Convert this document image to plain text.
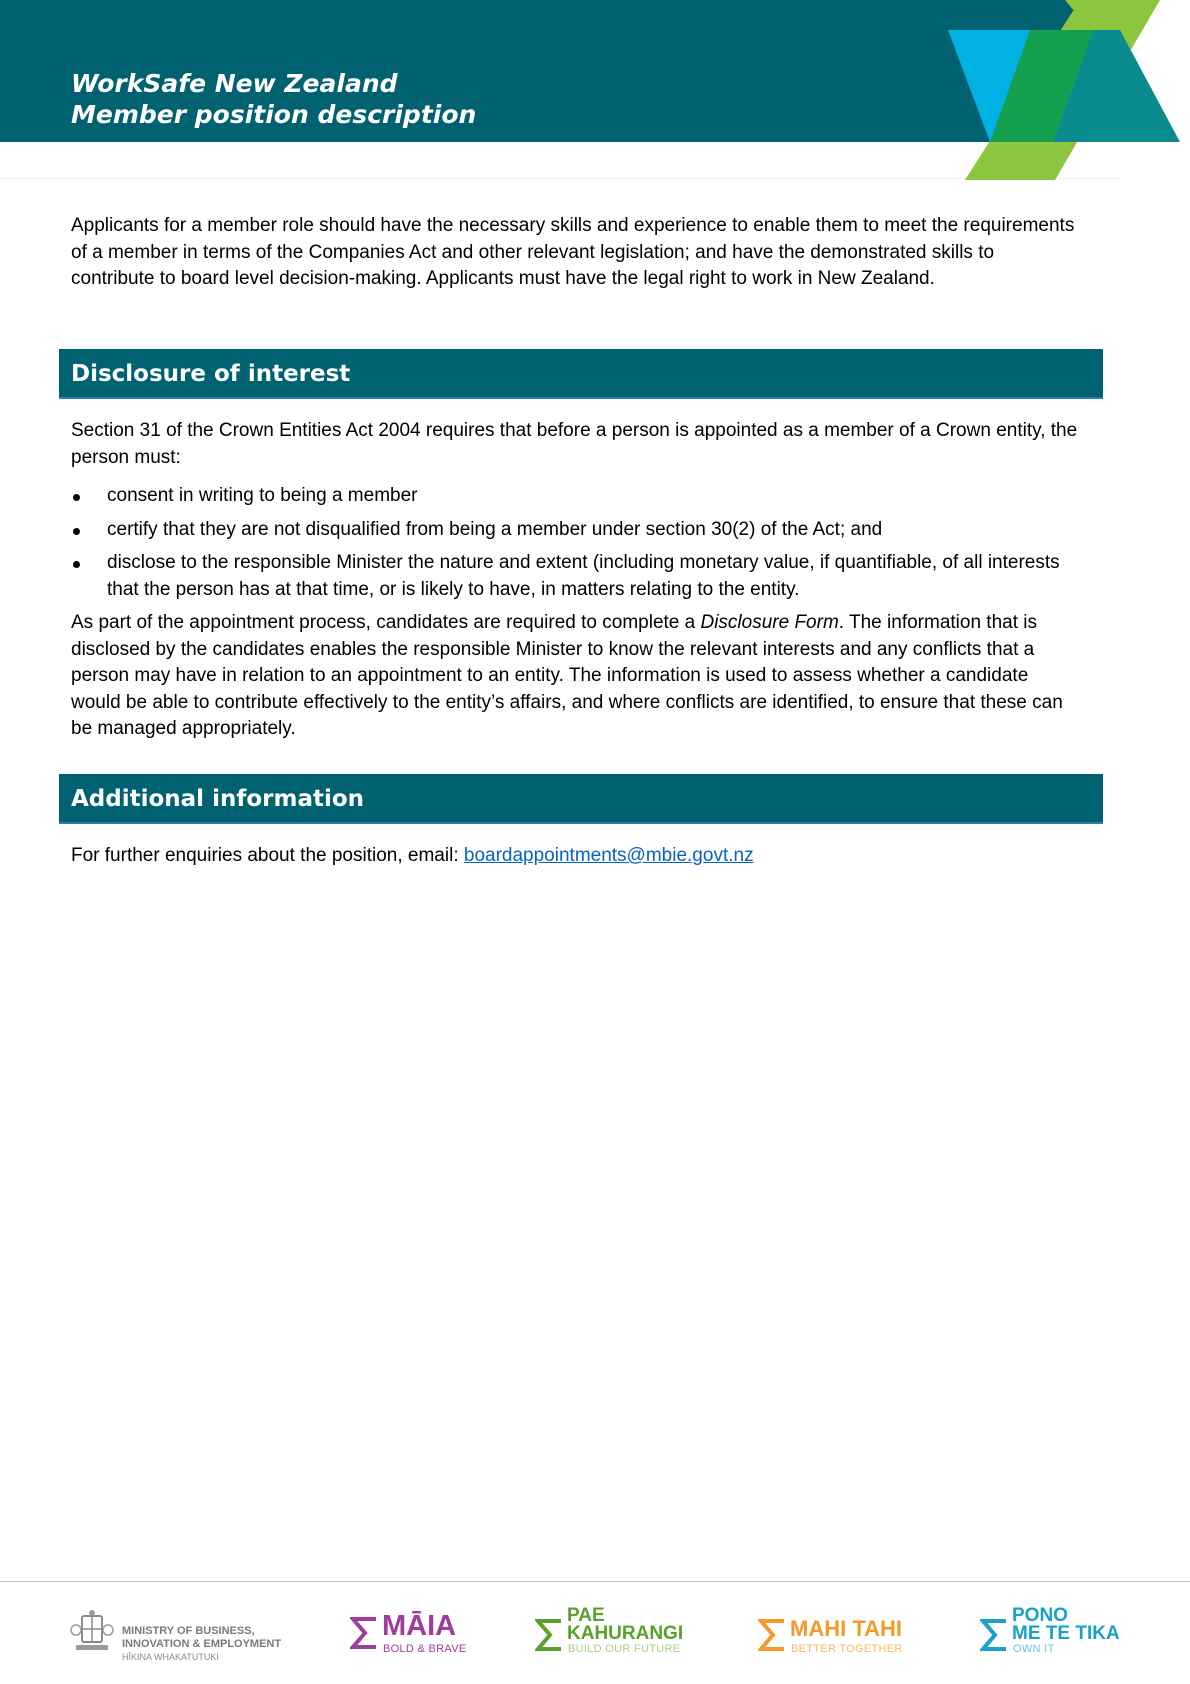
WorkSafe New Zealand
Member position description

Applicants for a member role should have the necessary skills and experience to enable them to meet the requirements of a member in terms of the Companies Act and other relevant legislation; and have the demonstrated skills to contribute to board level decision-making. Applicants must have the legal right to work in New Zealand.

Disclosure of interest

Section 31 of the Crown Entities Act 2004 requires that before a person is appointed as a member of a Crown entity, the person must:

consent in writing to being a member
certify that they are not disqualified from being a member under section 30(2) of the Act; and
disclose to the responsible Minister the nature and extent (including monetary value, if quantifiable, of all interests that the person has at that time, or is likely to have, in matters relating to the entity.

As part of the appointment process, candidates are required to complete a Disclosure Form. The information that is disclosed by the candidates enables the responsible Minister to know the relevant interests and any conflicts that a person may have in relation to an appointment to an entity. The information is used to assess whether a candidate would be able to contribute effectively to the entity’s affairs, and where conflicts are identified, to ensure that these can be managed appropriately.

Additional information

For further enquiries about the position, email: boardappointments@mbie.govt.nz

MINISTRY OF BUSINESS,
INNOVATION & EMPLOYMENT
HĪKINA WHAKATUTUKI
MĀIA
BOLD & BRAVE
PAE
KAHURANGI
BUILD OUR FUTURE
MAHI TAHI
BETTER TOGETHER
PONO
ME TE TIKA
OWN IT
